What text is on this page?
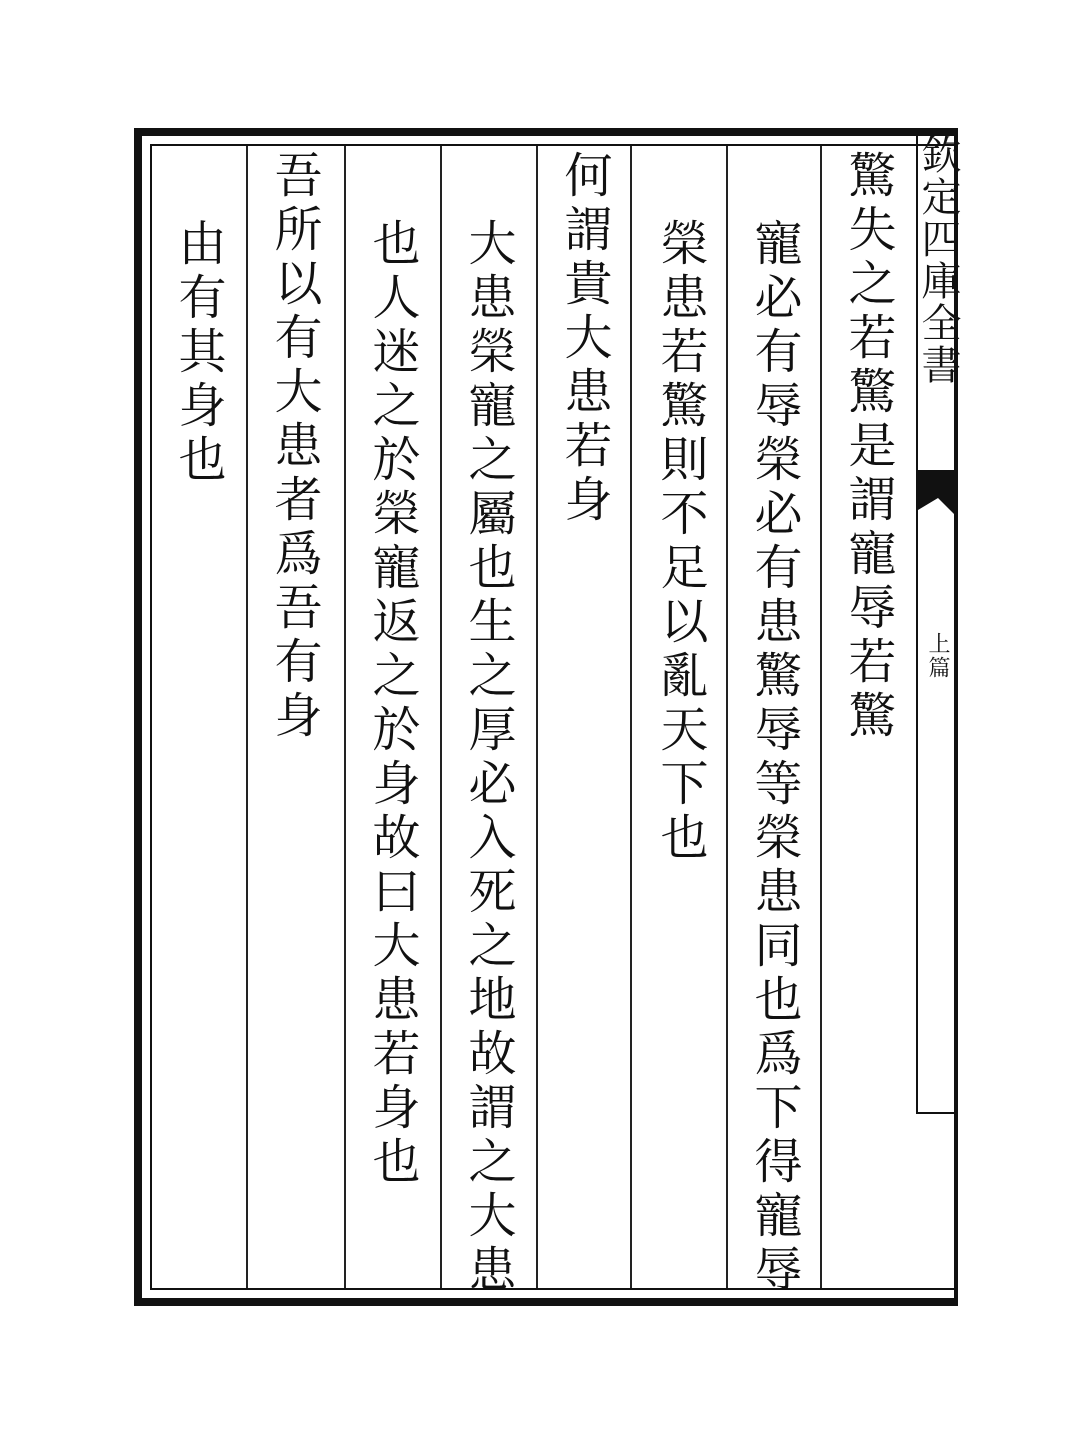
欽定四庫全書
上篇
驚失之若驚是謂寵辱若驚
寵必有辱榮必有患驚辱等榮患同也爲下得寵辱
榮患若驚則不足以亂天下也
何謂貴大患若身
大患榮寵之屬也生之厚必入死之地故謂之大患
也人迷之於榮寵返之於身故曰大患若身也
吾所以有大患者爲吾有身
由有其身也
